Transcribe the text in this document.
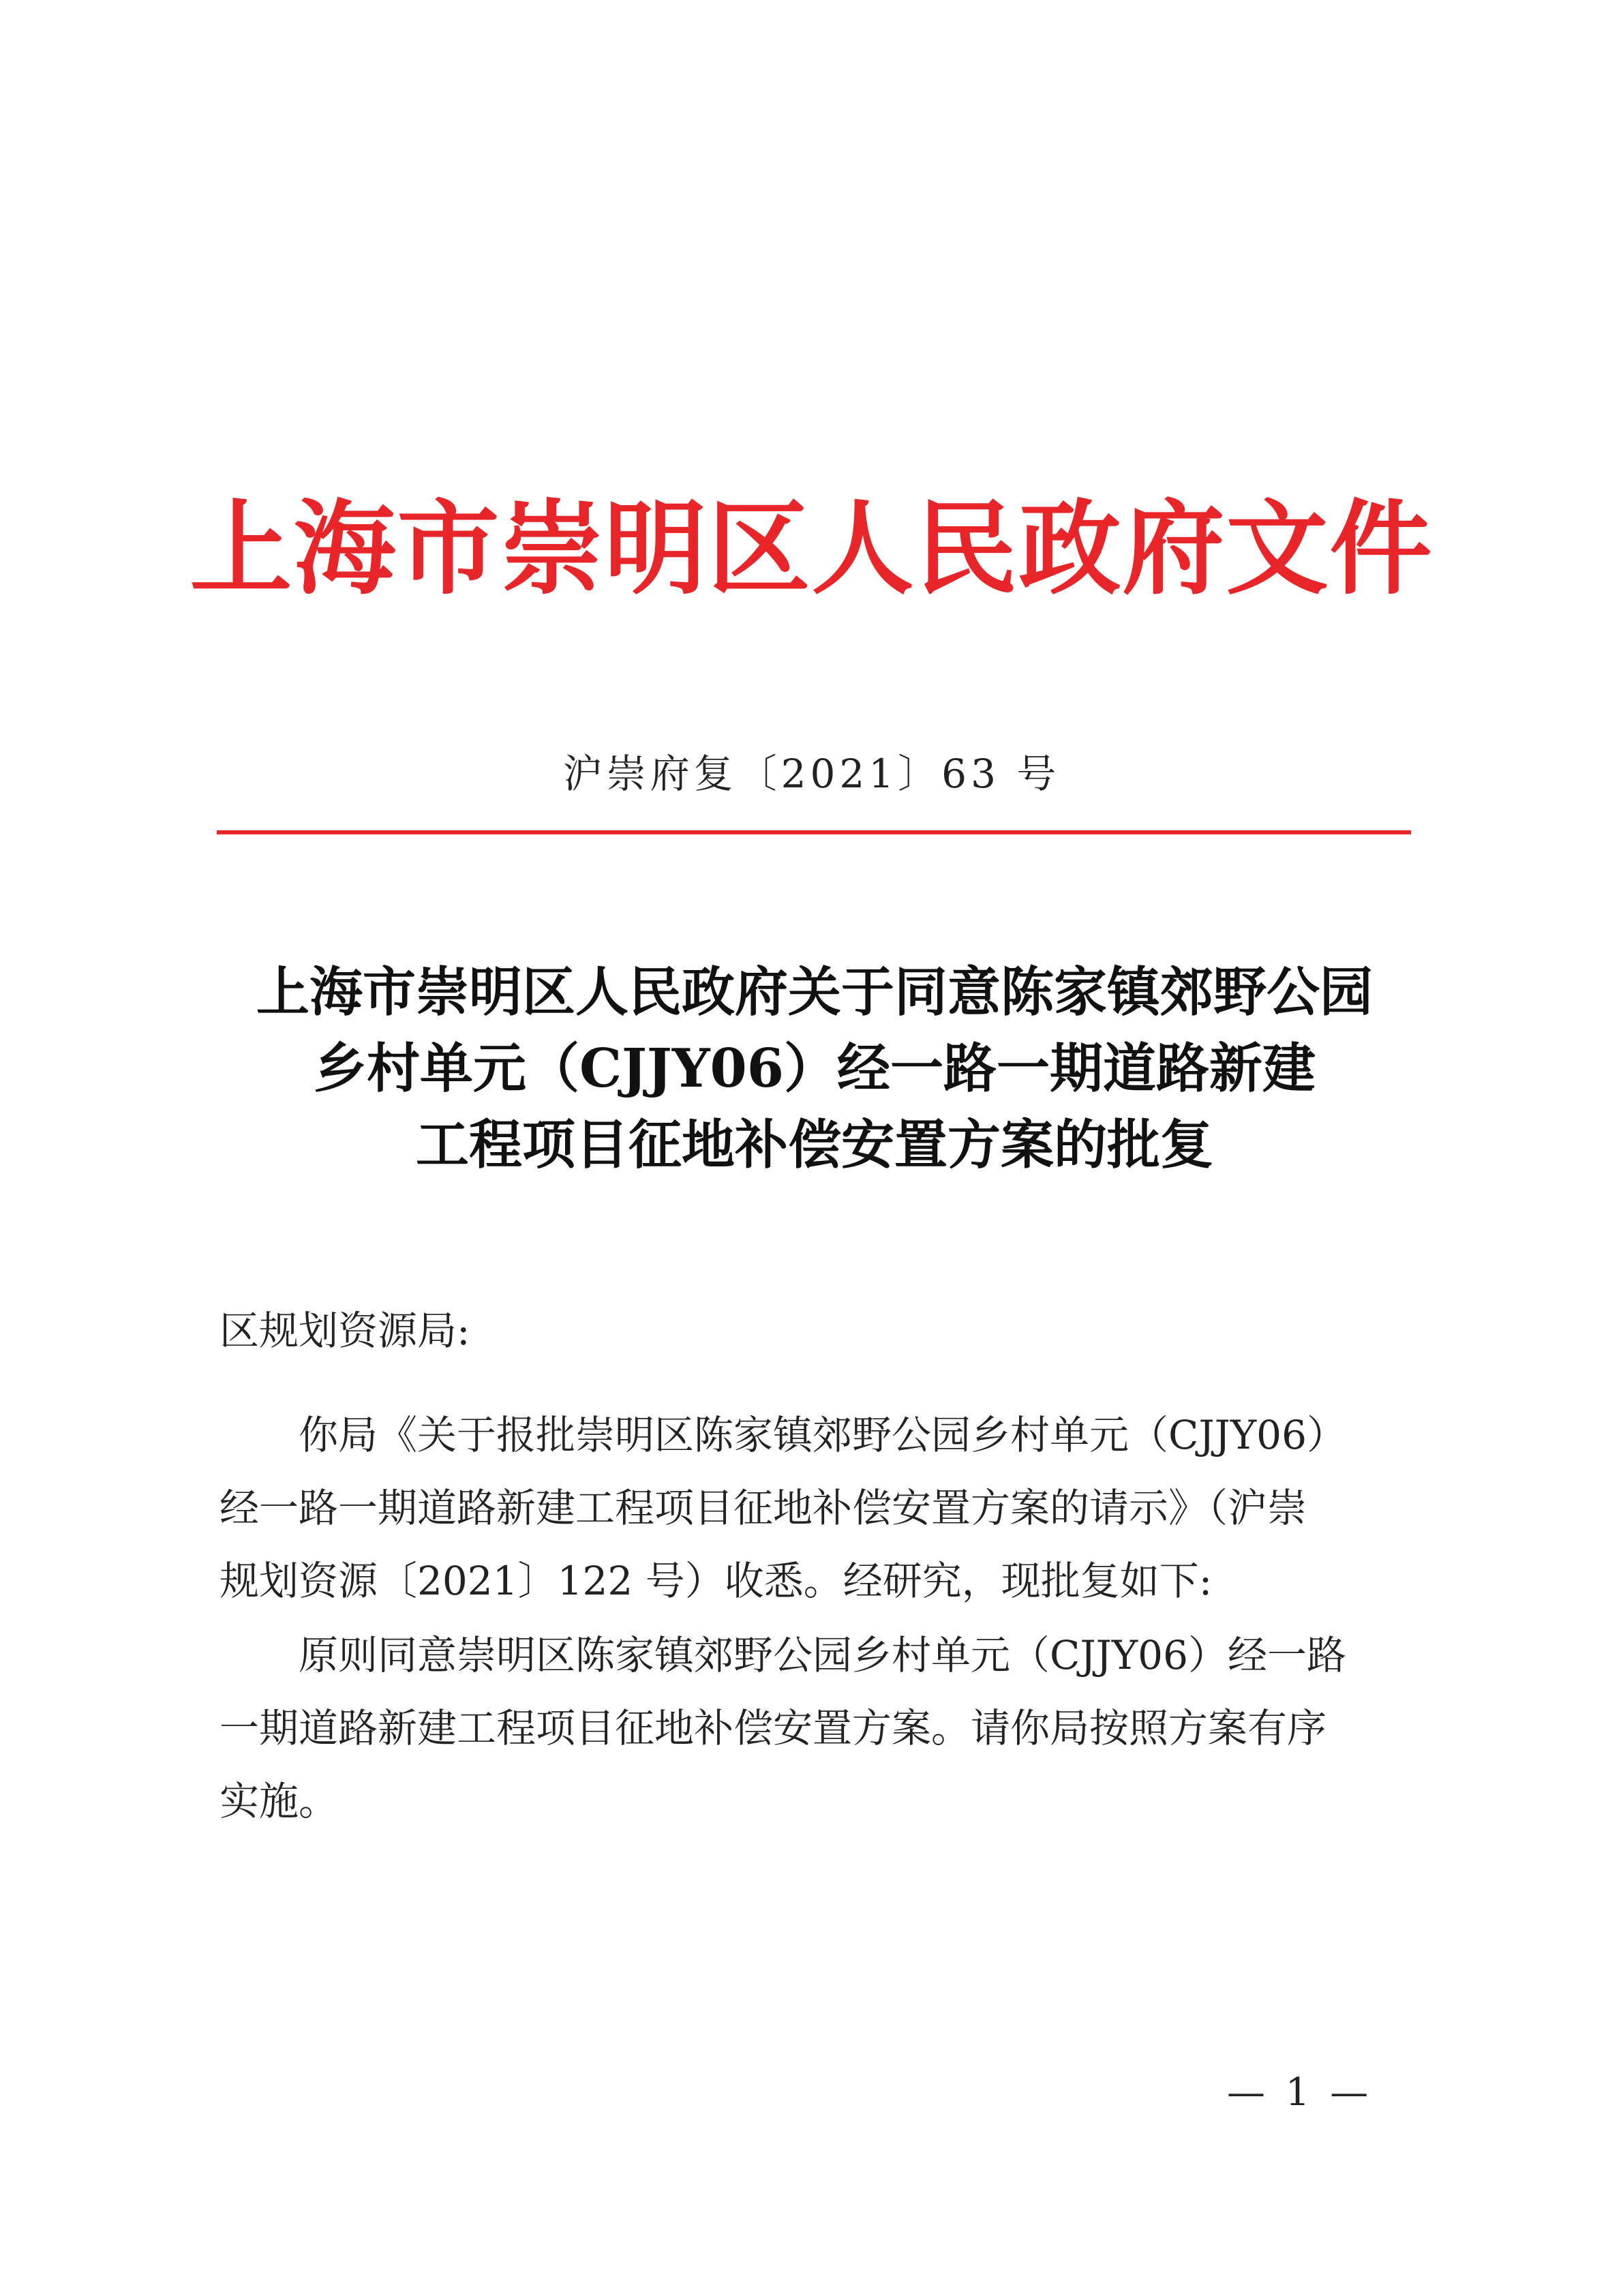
上海市崇明区人民政府文件
沪崇府复〔2021〕63 号
上海市崇明区人民政府关于同意陈家镇郊野公园
乡村单元（CJJY06）经一路一期道路新建
工程项目征地补偿安置方案的批复
区规划资源局:
你局《关于报批崇明区陈家镇郊野公园乡村单元（CJJY06）
经一路一期道路新建工程项目征地补偿安置方案的请示》（沪崇
规划资源〔2021〕122 号）收悉。经研究，现批复如下:
原则同意崇明区陈家镇郊野公园乡村单元（CJJY06）经一路
一期道路新建工程项目征地补偿安置方案。请你局按照方案有序
实施。
— 1 —
